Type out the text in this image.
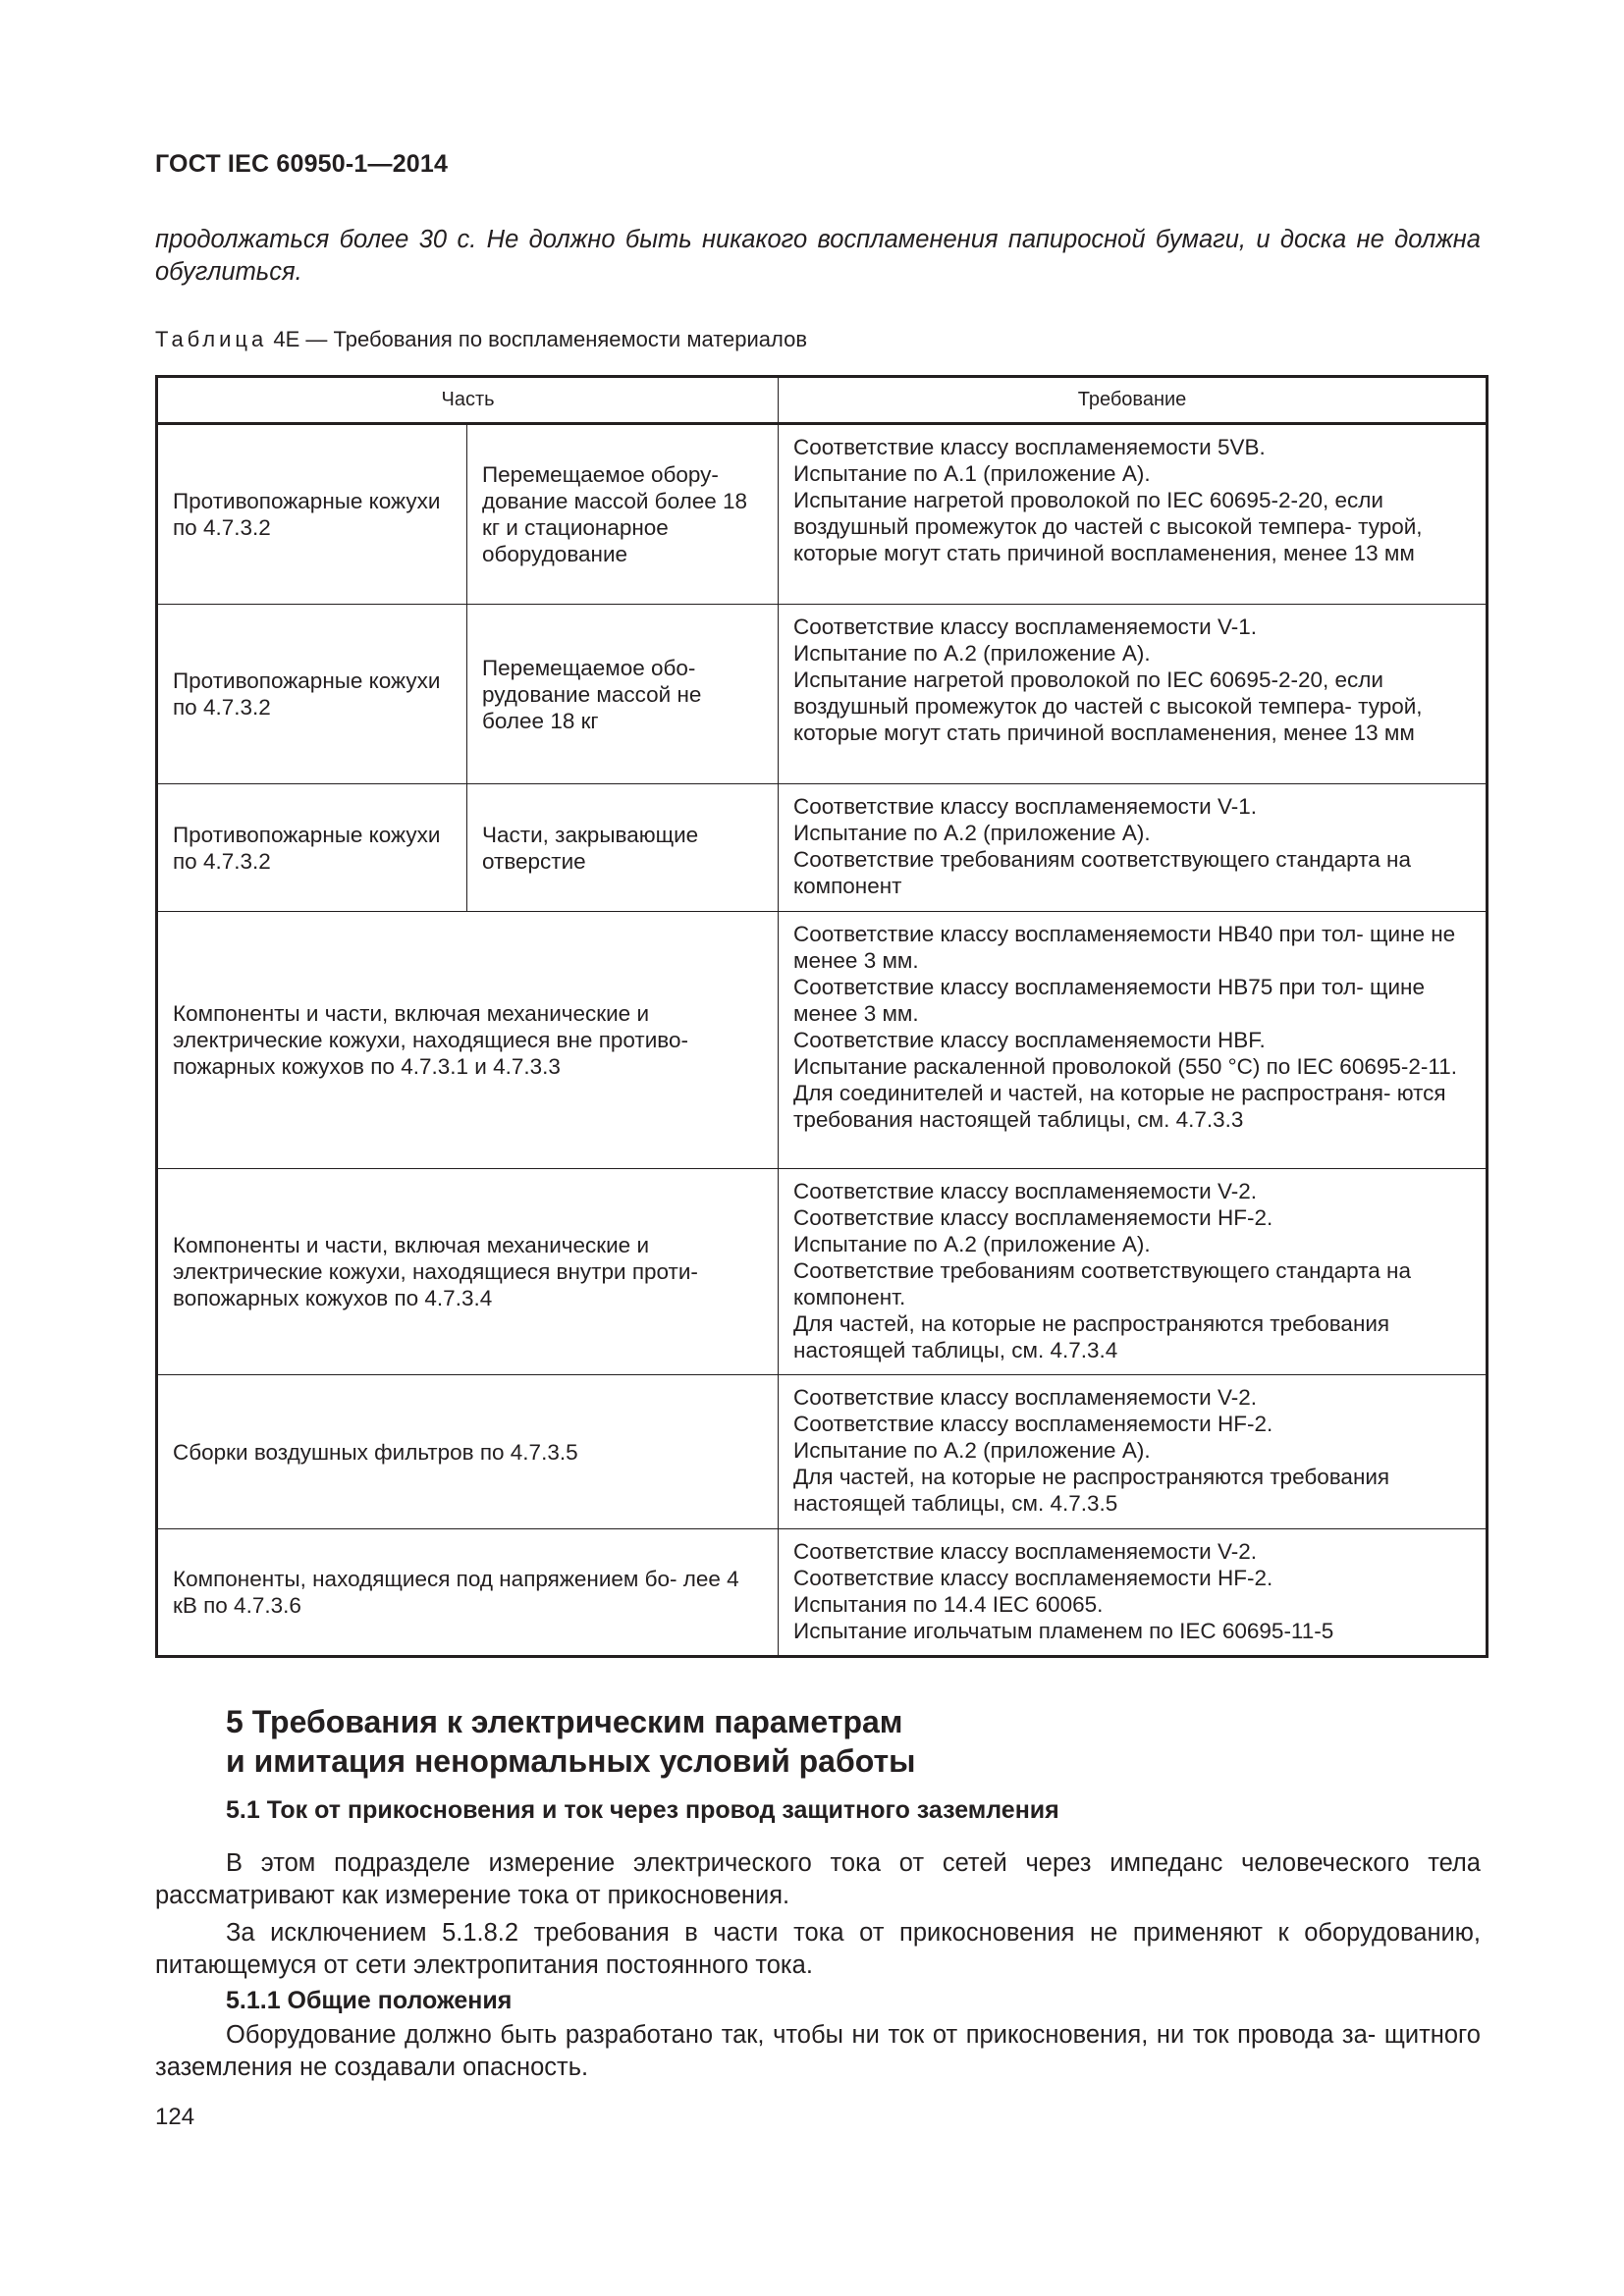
ГОСТ IEC 60950-1—2014

продолжаться более 30 с. Не должно быть никакого воспламенения папиросной бумаги, и доска не должна обуглиться.

Таблица 4E — Требования по воспламеняемости материалов
Часть		Требование
Противопожарные кожухи по 4.7.3.2	Перемещаемое обору- дование массой более 18 кг и стационарное оборудование	Соответствие классу воспламеняемости 5VB.
Испытание по А.1 (приложение А).
Испытание нагретой проволокой по IEC 60695-2-20, если воздушный промежуток до частей с высокой темпера- турой, которые могут стать причиной воспламенения, менее 13 мм

Противопожарные кожухи по 4.7.3.2	Перемещаемое обо- рудование массой не более 18 кг	Соответствие классу воспламеняемости V-1.
Испытание по А.2 (приложение А).
Испытание нагретой проволокой по IEC 60695-2-20, если воздушный промежуток до частей с высокой темпера- турой, которые могут стать причиной воспламенения, менее 13 мм

Противопожарные кожухи по 4.7.3.2	Части, закрывающие отверстие	Соответствие классу воспламеняемости V-1.
Испытание по А.2 (приложение А).
Соответствие требованиям соответствующего стандарта на компонент

Компоненты и части, включая механические и электрические кожухи, находящиеся вне противо- пожарных кожухов по 4.7.3.1 и 4.7.3.3		Соответствие классу воспламеняемости НВ40 при тол- щине не менее 3 мм.
Соответствие классу воспламеняемости НВ75 при тол- щине менее 3 мм.
Соответствие классу воспламеняемости HBF.
Испытание раскаленной проволокой (550 °С) по IEC 60695-2-11.
Для соединителей и частей, на которые не распространя- ются требования настоящей таблицы, см. 4.7.3.3

Компоненты и части, включая механические и электрические кожухи, находящиеся внутри проти- вопожарных кожухов по 4.7.3.4		Соответствие классу воспламеняемости V-2.
Соответствие классу воспламеняемости HF-2.
Испытание по А.2 (приложение А).
Соответствие требованиям соответствующего стандарта на компонент.
Для частей, на которые не распространяются требования настоящей таблицы, см. 4.7.3.4

Сборки воздушных фильтров по 4.7.3.5		Соответствие классу воспламеняемости V-2.
Соответствие классу воспламеняемости HF-2.
Испытание по А.2 (приложение А).
Для частей, на которые не распространяются требования настоящей таблицы, см. 4.7.3.5

Компоненты, находящиеся под напряжением бо- лее 4 кВ по 4.7.3.6		Соответствие классу воспламеняемости V-2.
Соответствие классу воспламеняемости HF-2.
Испытания по 14.4 IEC 60065.
Испытание игольчатым пламенем по IEC 60695-11-5
5 Требования к электрическим параметрам
и имитация ненормальных условий работы
5.1 Ток от прикосновения и ток через провод защитного заземления

В этом подразделе измерение электрического тока от сетей через импеданс человеческого тела рассматривают как измерение тока от прикосновения.

За исключением 5.1.8.2 требования в части тока от прикосновения не применяют к оборудованию, питающемуся от сети электропитания постоянного тока.

5.1.1 Общие положения

Оборудование должно быть разработано так, чтобы ни ток от прикосновения, ни ток провода за- щитного заземления не создавали опасность.

124
